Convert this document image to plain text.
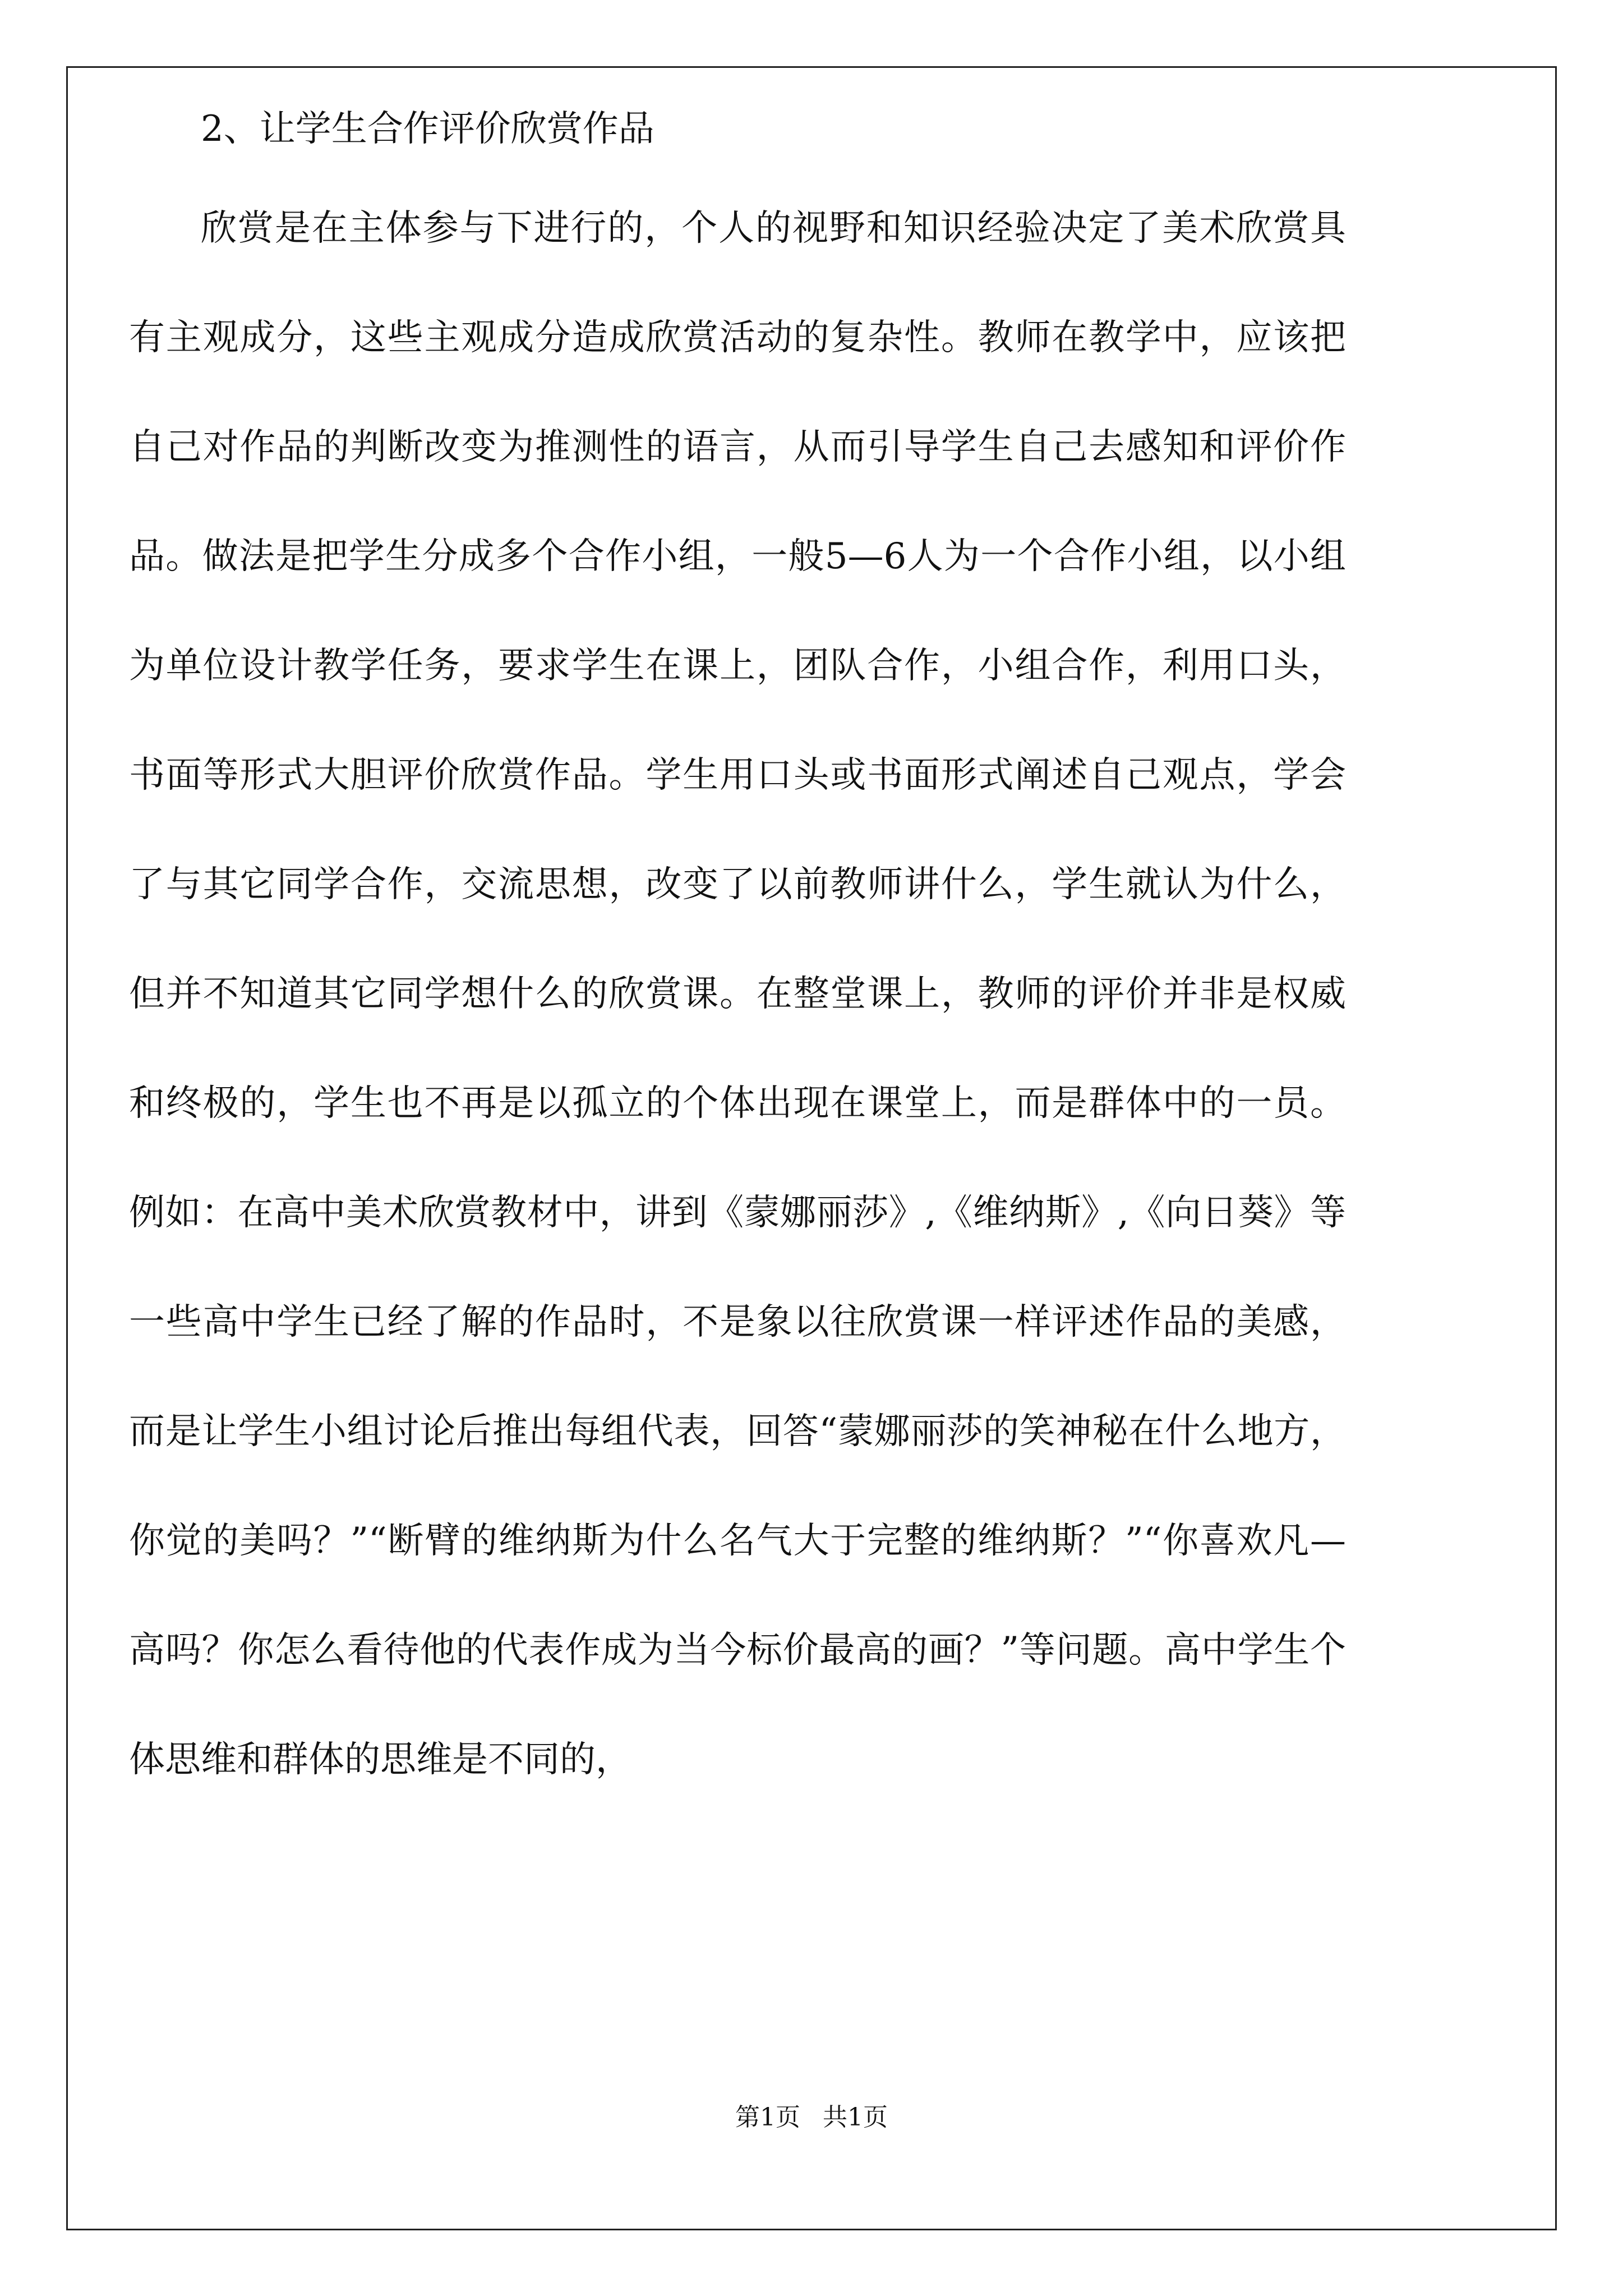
2、让学生合作评价欣赏作品

欣赏是在主体参与下进行的，个人的视野和知识经验决定了美术欣赏具有主观成分，这些主观成分造成欣赏活动的复杂性。教师在教学中，应该把自己对作品的判断改变为推测性的语言，从而引导学生自己去感知和评价作品。做法是把学生分成多个合作小组，一般5—6人为一个合作小组，以小组为单位设计教学任务，要求学生在课上，团队合作，小组合作，利用口头，书面等形式大胆评价欣赏作品。学生用口头或书面形式阐述自己观点，学会了与其它同学合作，交流思想，改变了以前教师讲什么，学生就认为什么，但并不知道其它同学想什么的欣赏课。在整堂课上，教师的评价并非是权威和终极的，学生也不再是以孤立的个体出现在课堂上，而是群体中的一员。例如：在高中美术欣赏教材中，讲到《蒙娜丽莎》,《维纳斯》,《向日葵》等一些高中学生已经了解的作品时，不是象以往欣赏课一样评述作品的美感，而是让学生小组讨论后推出每组代表，回答“蒙娜丽莎的笑神秘在什么地方，你觉的美吗？”“断臂的维纳斯为什么名气大于完整的维纳斯？”“你喜欢凡—高吗？你怎么看待他的代表作成为当今标价最高的画？”等问题。高中学生个体思维和群体的思维是不同的，

第1页 共1页
